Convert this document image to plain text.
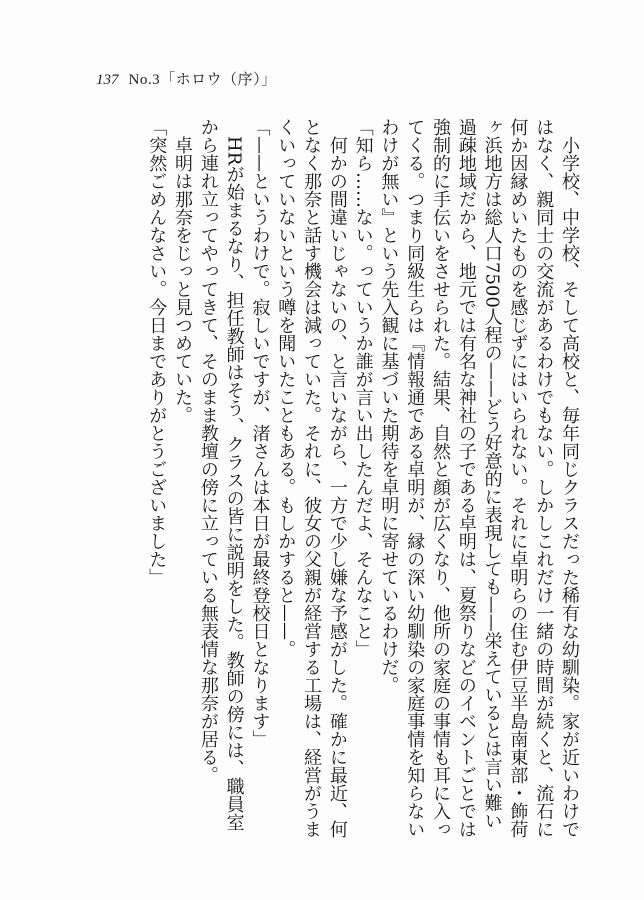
137 No.3「ホロウ（序）」

小学校、中学校、そして高校と、毎年同じクラスだった稀有な幼馴染。家が近いわけではなく、親同士の交流があるわけでもない。しかしこれだけ一緒の時間が続くと、流石に何か因縁めいたものを感じずにはいられない。それに卓明らの住む伊豆半島南東部・飾荷ヶ浜地方は総人口7500人程の——どう好意的に表現しても——栄えているとは言い難い過疎地域だから、地元では有名な神社の子である卓明は、夏祭りなどのイベントごとでは強制的に手伝いをさせられた。結果、自然と顔が広くなり、他所の家庭の事情も耳に入ってくる。つまり同級生らは『情報通である卓明が、縁の深い幼馴染の家庭事情を知らないわけが無い』という先入観に基づいた期待を卓明に寄せているわけだ。

「知ら……ない。っていうか誰が言い出したんだよ、そんなこと」

何かの間違いじゃないの、と言いながら、一方で少し嫌な予感がした。確かに最近、何となく那奈と話す機会は減っていた。それに、彼女の父親が経営する工場は、経営がうまくいっていないという噂を聞いたこともある。もしかすると——。

「——というわけで。寂しいですが、渚さんは本日が最終登校日となります」

HRが始まるなり、担任教師はそう、クラスの皆に説明をした。教師の傍には、職員室から連れ立ってやってきて、そのまま教壇の傍に立っている無表情な那奈が居る。

卓明は那奈をじっと見つめていた。

「突然ごめんなさい。今日までありがとうございました」
